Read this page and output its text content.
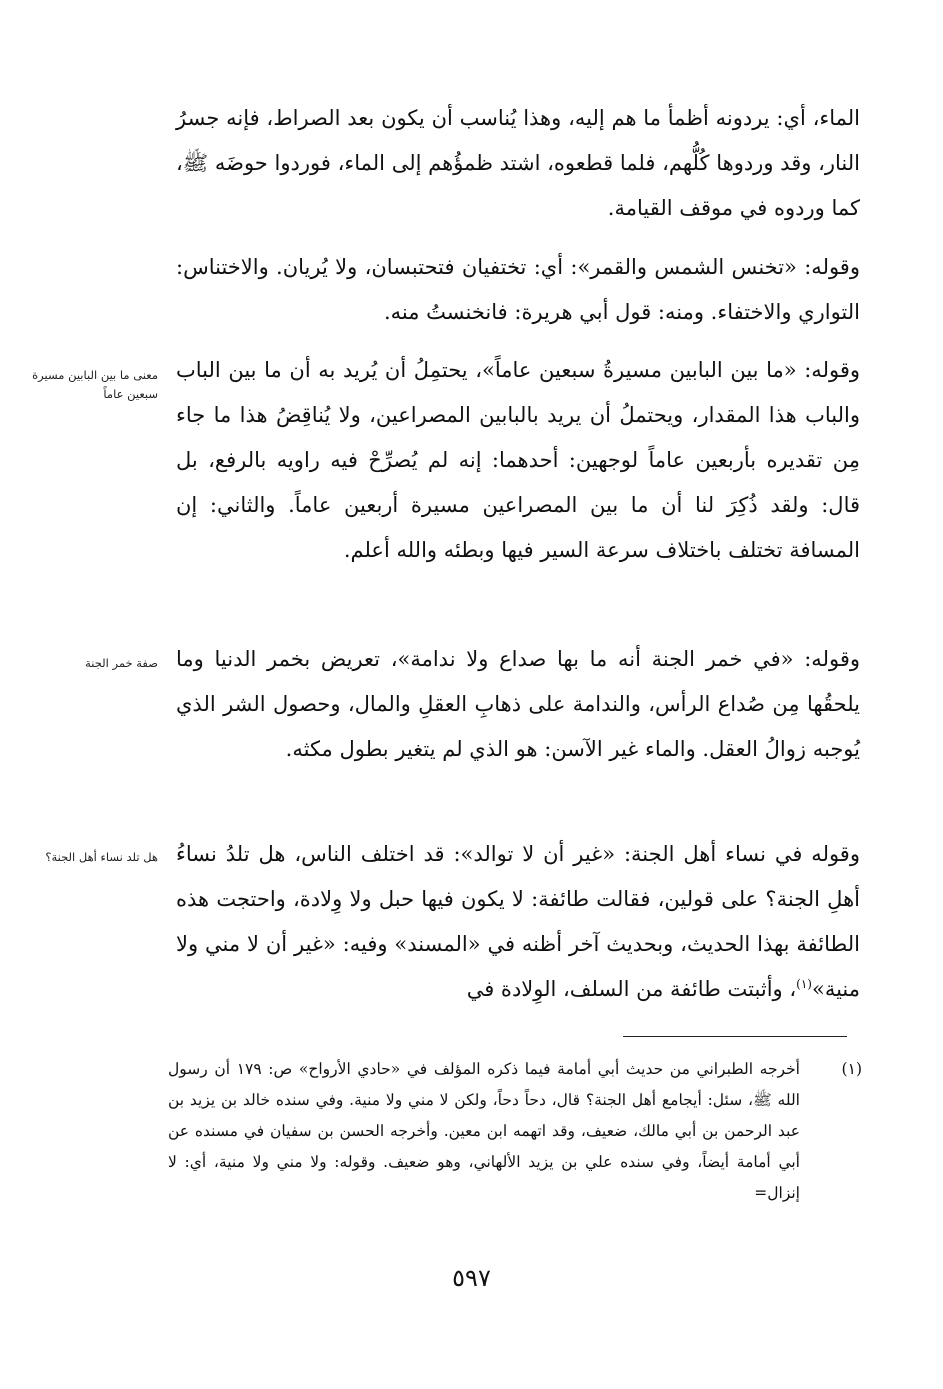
الماء، أي: يردونه أظمأ ما هم إليه، وهذا يُناسب أن يكون بعد الصراط، فإنه جسرُ النار، وقد وردوها كُلُّهم، فلما قطعوه، اشتد ظمؤُهم إلى الماء، فوردوا حوضَه ﷺ، كما وردوه في موقف القيامة.

وقوله: «تخنس الشمس والقمر»: أي: تختفيان فتحتبسان، ولا يُريان. والاختناس: التواري والاختفاء. ومنه: قول أبي هريرة: فانخنستُ منه.

وقوله: «ما بين البابين مسيرةُ سبعين عاماً»، يحتمِلُ أن يُريد به أن ما بين الباب والباب هذا المقدار، ويحتملُ أن يريد بالبابين المصراعين، ولا يُناقِضُ هذا ما جاء مِن تقديره بأربعين عاماً لوجهين: أحدهما: إنه لم يُصرِّحْ فيه راويه بالرفع، بل قال: ولقد ذُكِرَ لنا أن ما بين المصراعين مسيرة أربعين عاماً. والثاني: إن المسافة تختلف باختلاف سرعة السير فيها وبطئه والله أعلم.

وقوله: «في خمر الجنة أنه ما بها صداع ولا ندامة»، تعريض بخمر الدنيا وما يلحقُها مِن صُداع الرأس، والندامة على ذهابِ العقلِ والمال، وحصول الشر الذي يُوجبه زوالُ العقل. والماء غير الآسن: هو الذي لم يتغير بطول مكثه.

وقوله في نساء أهل الجنة: «غير أن لا توالد»: قد اختلف الناس، هل تلدُ نساءُ أهلِ الجنة؟ على قولين، فقالت طائفة: لا يكون فيها حبل ولا وِلادة، واحتجت هذه الطائفة بهذا الحديث، وبحديث آخر أظنه في «المسند» وفيه: «غير أن لا مني ولا منية»$^{(١)}$، وأثبتت طائفة من السلف، الوِلادة في

معنى ما بين البابين مسيرة سبعين عاماً
صفة خمر الجنة
هل تلد نساء أهل الجنة؟
(١)
أخرجه الطبراني من حديث أبي أمامة فيما ذكره المؤلف في «حادي الأرواح» ص: ١٧٩ أن رسول الله ﷺ، سئل: أيجامع أهل الجنة؟ قال، دحاً دحاً، ولكن لا مني ولا منية. وفي سنده خالد بن يزيد بن عبد الرحمن بن أبي مالك، ضعيف، وقد اتهمه ابن معين. وأخرجه الحسن بن سفيان في مسنده عن أبي أمامة أيضاً، وفي سنده علي بن يزيد الألهاني، وهو ضعيف. وقوله: ولا مني ولا منية، أي: لا إنزال=
٥٩٧
